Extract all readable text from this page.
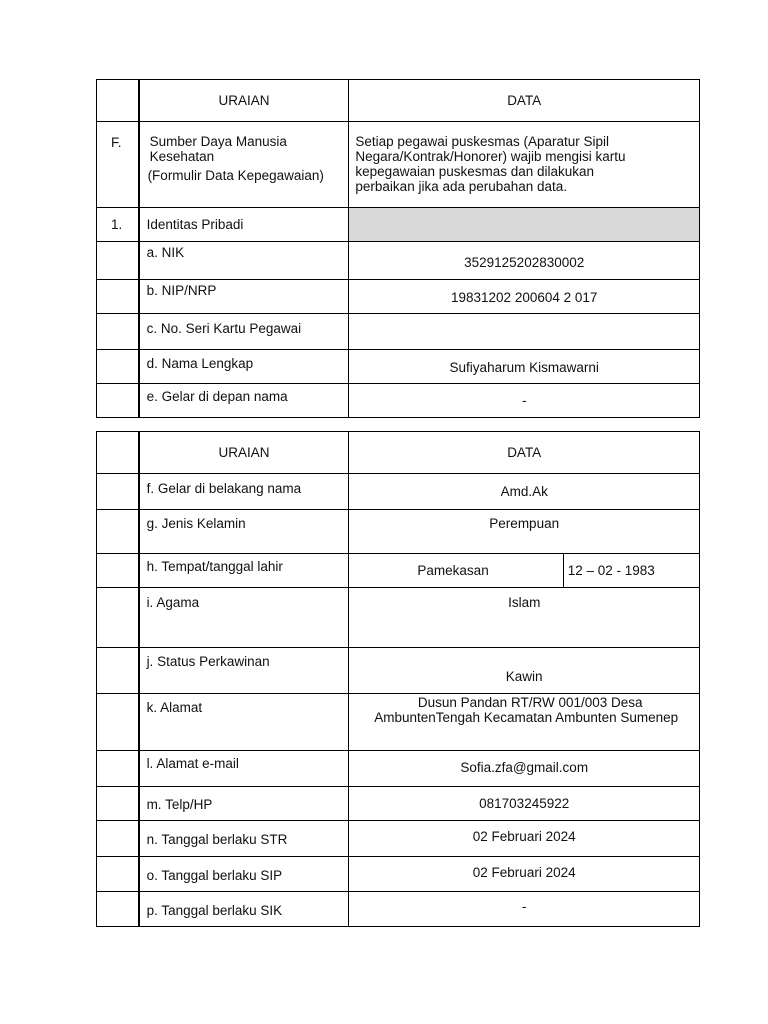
	URAIAN	DATA
F.	Sumber Daya Manusia
Kesehatan
(Formulir Data Kepegawaian)	Setiap pegawai puskesmas (Aparatur Sipil
Negara/Kontrak/Honorer) wajib mengisi kartu
kepegawaian puskesmas dan dilakukan
perbaikan jika ada perubahan data.

1.	Identitas Pribadi	
	a. NIK	3529125202830002
	b. NIP/NRP	19831202 200604 2 017
	c. No. Seri Kartu Pegawai	
	d. Nama Lengkap	Sufiyaharum Kismawarni
	e. Gelar di depan nama	-
	URAIAN	DATA	
	f. Gelar di belakang nama	Amd.Ak	
	g. Jenis Kelamin	Perempuan	
	h. Tempat/tanggal lahir	Pamekasan	12 – 02 - 1983
	i. Agama	Islam	
	j. Status Perkawinan	Kawin	
	k. Alamat	Dusun Pandan RT/RW 001/003 Desa
AmbuntenTengah Kecamatan Ambunten Sumenep	

	l. Alamat e-mail	Sofia.zfa@gmail.com	
	m. Telp/HP	081703245922	
	n. Tanggal berlaku STR	02 Februari 2024	
	o. Tanggal berlaku SIP	02 Februari 2024	
	p. Tanggal berlaku SIK	-	
